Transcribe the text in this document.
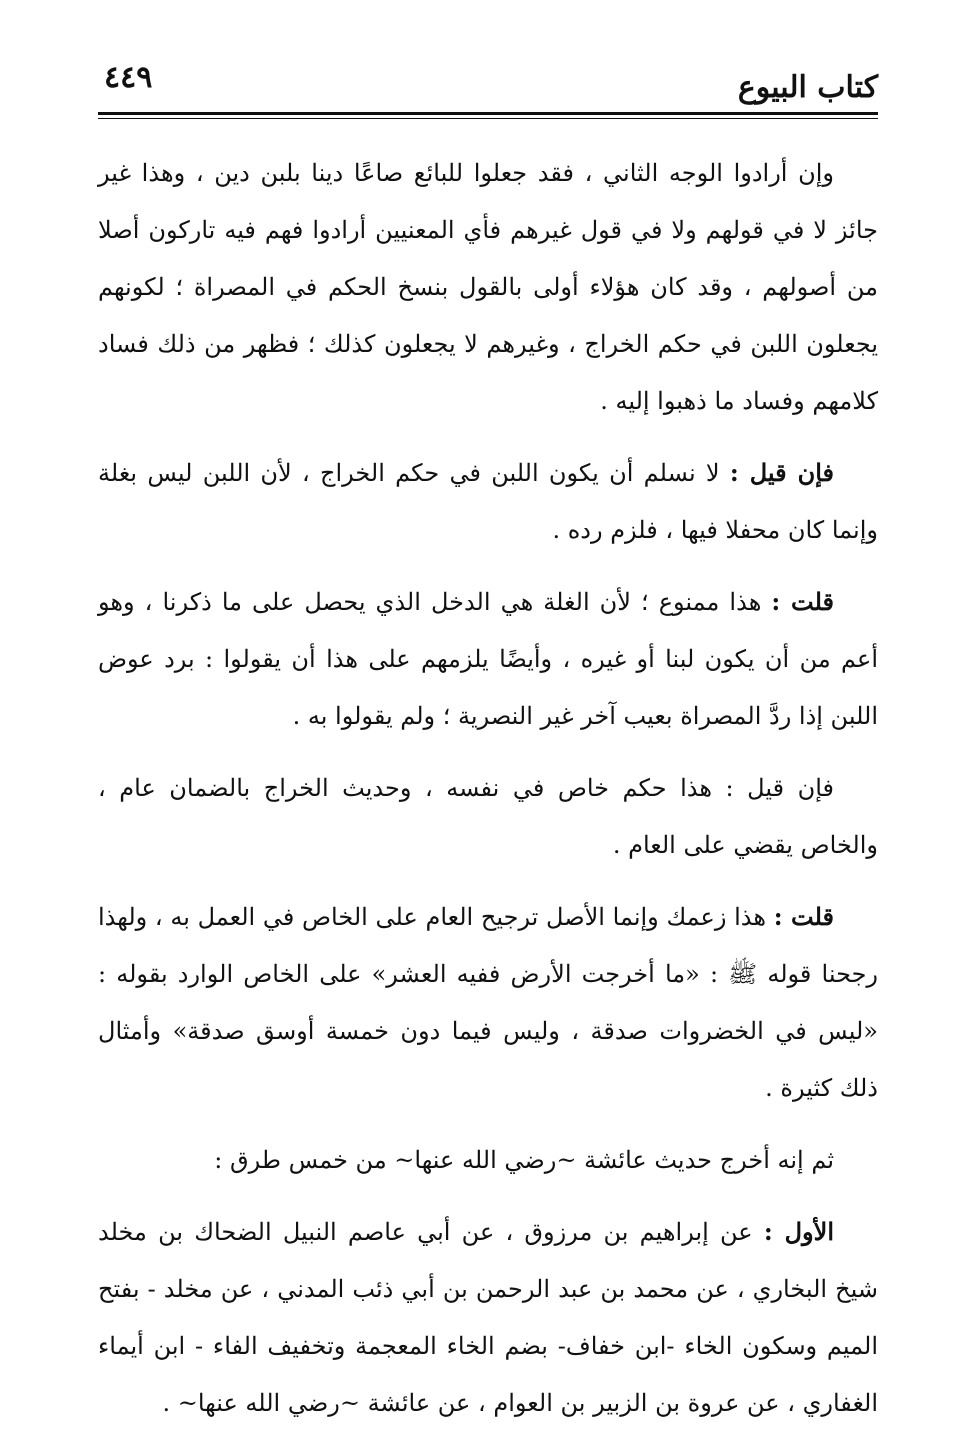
كتاب البيوع
٤٤٩

وإن أرادوا الوجه الثاني ، فقد جعلوا للبائع صاعًا دينا بلبن دين ، وهذا غير جائز لا في قولهم ولا في قول غيرهم فأي المعنيين أرادوا فهم فيه تاركون أصلا من أصولهم ، وقد كان هؤلاء أولى بالقول بنسخ الحكم في المصراة ؛ لكونهم يجعلون اللبن في حكم الخراج ، وغيرهم لا يجعلون كذلك ؛ فظهر من ذلك فساد كلامهم وفساد ما ذهبوا إليه .

فإن قيل : لا نسلم أن يكون اللبن في حكم الخراج ، لأن اللبن ليس بغلة وإنما كان محفلا فيها ، فلزم رده .

قلت : هذا ممنوع ؛ لأن الغلة هي الدخل الذي يحصل على ما ذكرنا ، وهو أعم من أن يكون لبنا أو غيره ، وأيضًا يلزمهم على هذا أن يقولوا : برد عوض اللبن إذا ردَّ المصراة بعيب آخر غير النصرية ؛ ولم يقولوا به .

فإن قيل : هذا حكم خاص في نفسه ، وحديث الخراج بالضمان عام ، والخاص يقضي على العام .

قلت : هذا زعمك وإنما الأصل ترجيح العام على الخاص في العمل به ، ولهذا رجحنا قوله ﷺ : «ما أخرجت الأرض ففيه العشر» على الخاص الوارد بقوله : «ليس في الخضروات صدقة ، وليس فيما دون خمسة أوسق صدقة» وأمثال ذلك كثيرة .

ثم إنه أخرج حديث عائشة ~رضي الله عنها~ من خمس طرق :

الأول : عن إبراهيم بن مرزوق ، عن أبي عاصم النبيل الضحاك بن مخلد شيخ البخاري ، عن محمد بن عبد الرحمن بن أبي ذئب المدني ، عن مخلد - بفتح الميم وسكون الخاء -ابن خفاف- بضم الخاء المعجمة وتخفيف الفاء - ابن أيماء الغفاري ، عن عروة بن الزبير بن العوام ، عن عائشة ~رضي الله عنها~ .
